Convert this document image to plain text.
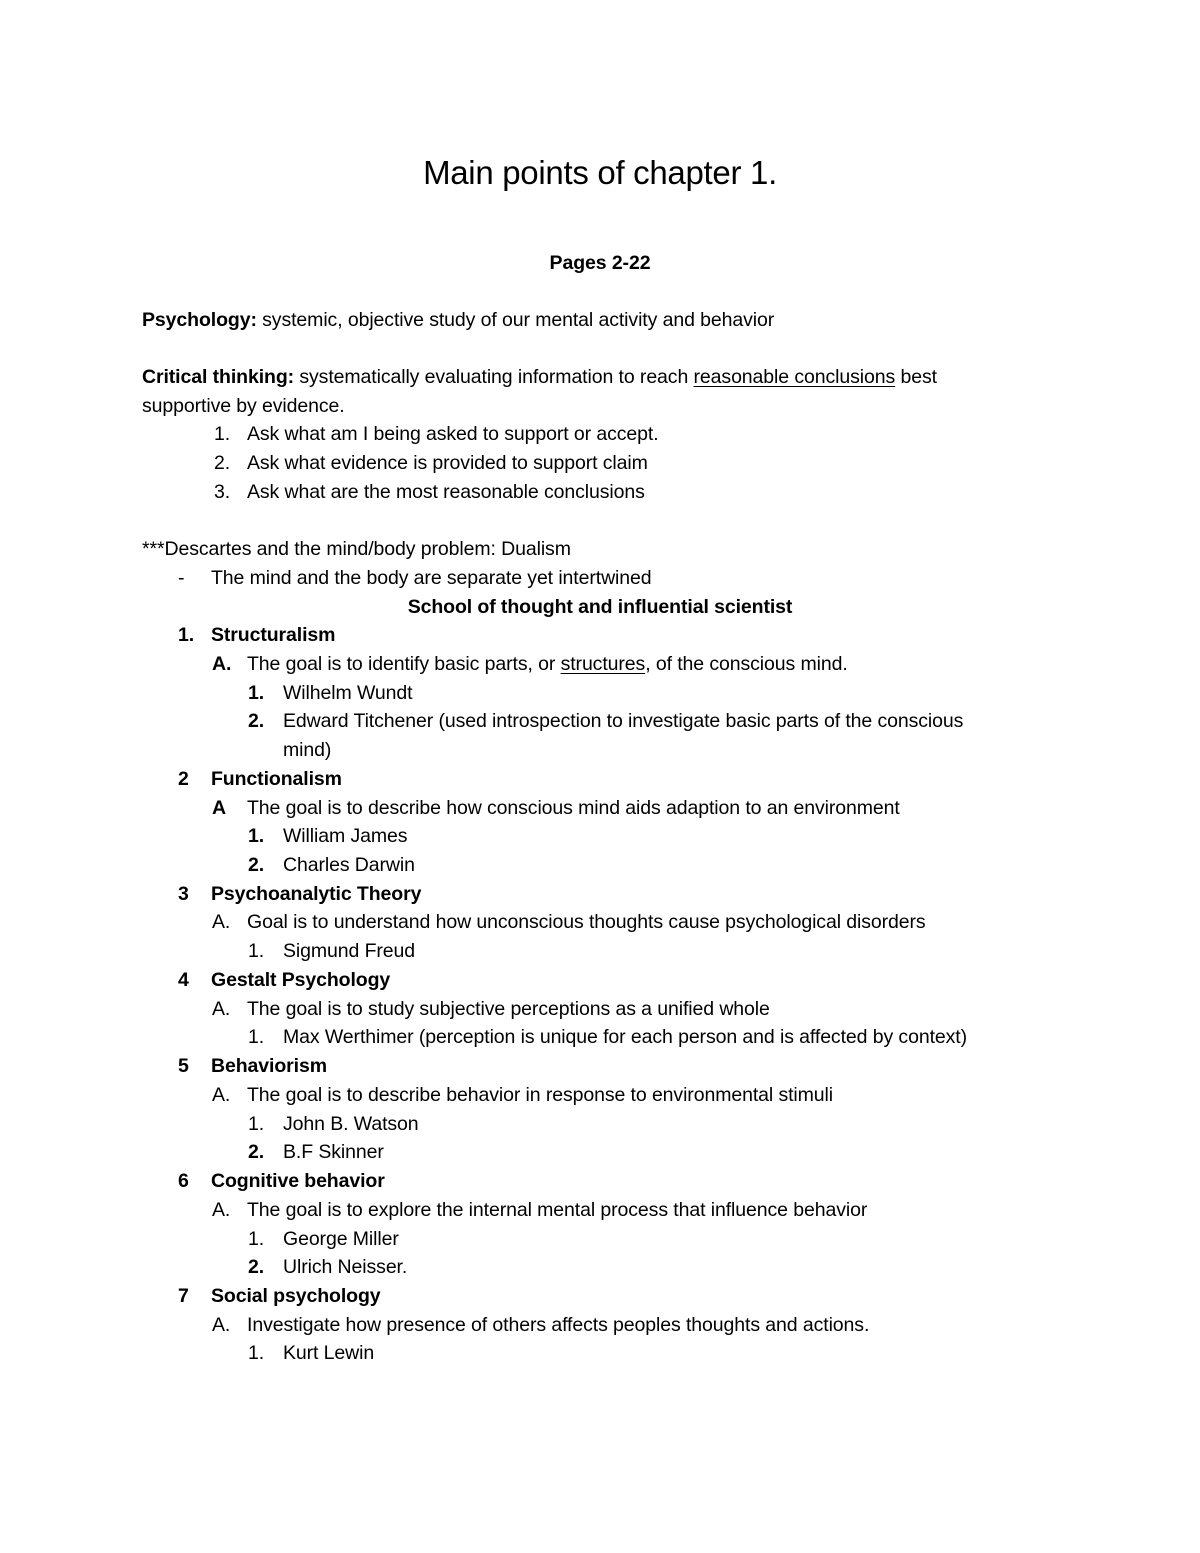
Main points of chapter 1.
Pages 2-22
Psychology: systemic, objective study of our mental activity and behavior
Critical thinking: systematically evaluating information to reach reasonable conclusions best
supportive by evidence.
1. Ask what am I being asked to support or accept.
2. Ask what evidence is provided to support claim
3. Ask what are the most reasonable conclusions
***Descartes and the mind/body problem: Dualism
- The mind and the body are separate yet intertwined
School of thought and influential scientist
1. Structuralism
A. The goal is to identify basic parts, or structures, of the conscious mind.
1. Wilhelm Wundt
2. Edward Titchener (used introspection to investigate basic parts of the conscious
mind)
2 Functionalism
A The goal is to describe how conscious mind aids adaption to an environment
1. William James
2. Charles Darwin
3 Psychoanalytic Theory
A. Goal is to understand how unconscious thoughts cause psychological disorders
1. Sigmund Freud
4 Gestalt Psychology
A. The goal is to study subjective perceptions as a unified whole
1. Max Werthimer (perception is unique for each person and is affected by context)
5 Behaviorism
A. The goal is to describe behavior in response to environmental stimuli
1. John B. Watson
2. B.F Skinner
6 Cognitive behavior
A. The goal is to explore the internal mental process that influence behavior
1. George Miller
2. Ulrich Neisser.
7 Social psychology
A. Investigate how presence of others affects peoples thoughts and actions.
1. Kurt Lewin
